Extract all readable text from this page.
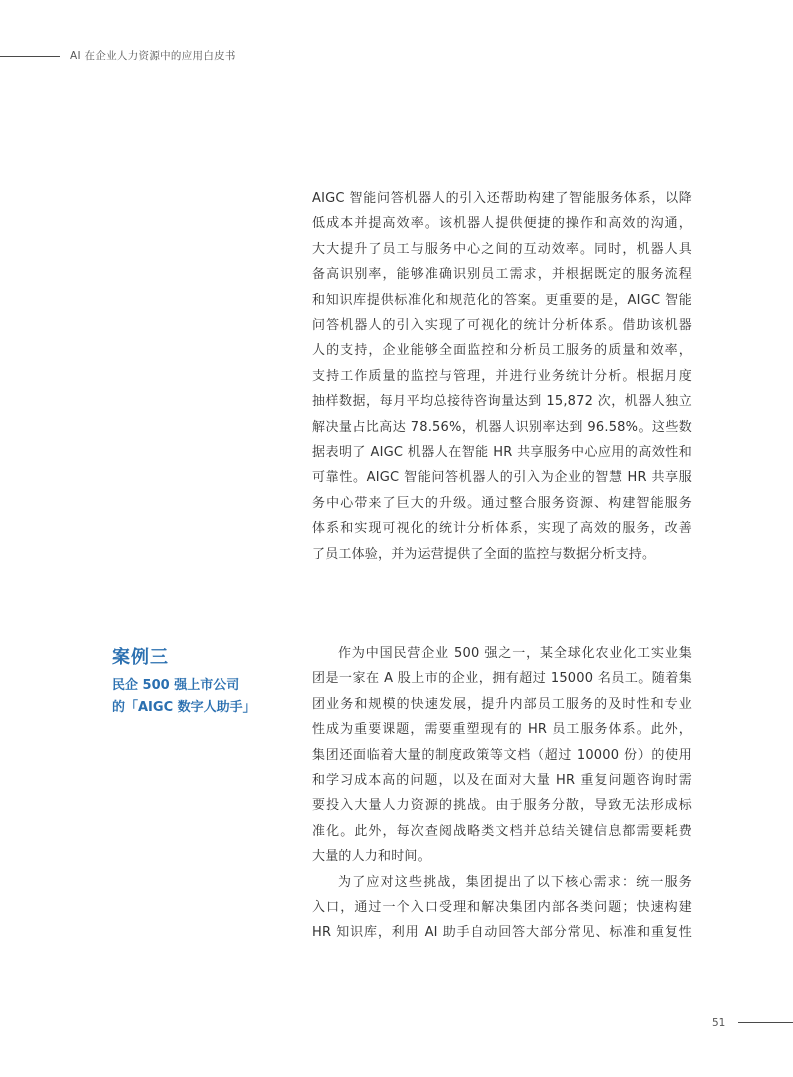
AI 在企业人力资源中的应用白皮书

AIGC 智能问答机器人的引入还帮助构建了智能服务体系，以降
低成本并提高效率。该机器人提供便捷的操作和高效的沟通，
大大提升了员工与服务中心之间的互动效率。同时，机器人具
备高识别率，能够准确识别员工需求，并根据既定的服务流程
和知识库提供标准化和规范化的答案。更重要的是，AIGC 智能
问答机器人的引入实现了可视化的统计分析体系。借助该机器
人的支持，企业能够全面监控和分析员工服务的质量和效率，
支持工作质量的监控与管理，并进行业务统计分析。根据月度
抽样数据，每月平均总接待咨询量达到 15,872 次，机器人独立
解决量占比高达 78.56%，机器人识别率达到 96.58%。这些数
据表明了 AIGC 机器人在智能 HR 共享服务中心应用的高效性和
可靠性。AIGC 智能问答机器人的引入为企业的智慧 HR 共享服
务中心带来了巨大的升级。通过整合服务资源、构建智能服务
体系和实现可视化的统计分析体系，实现了高效的服务，改善
了员工体验，并为运营提供了全面的监控与数据分析支持。

案例三
民企 500 强上市公司
的「AIGC 数字人助手」

作为中国民营企业 500 强之一，某全球化农业化工实业集
团是一家在 A 股上市的企业，拥有超过 15000 名员工。随着集
团业务和规模的快速发展，提升内部员工服务的及时性和专业
性成为重要课题，需要重塑现有的 HR 员工服务体系。此外，
集团还面临着大量的制度政策等文档（超过 10000 份）的使用
和学习成本高的问题，以及在面对大量 HR 重复问题咨询时需
要投入大量人力资源的挑战。由于服务分散，导致无法形成标
准化。此外，每次查阅战略类文档并总结关键信息都需要耗费
大量的人力和时间。

为了应对这些挑战，集团提出了以下核心需求：统一服务
入口，通过一个入口受理和解决集团内部各类问题；快速构建
HR 知识库，利用 AI 助手自动回答大部分常见、标准和重复性

51
